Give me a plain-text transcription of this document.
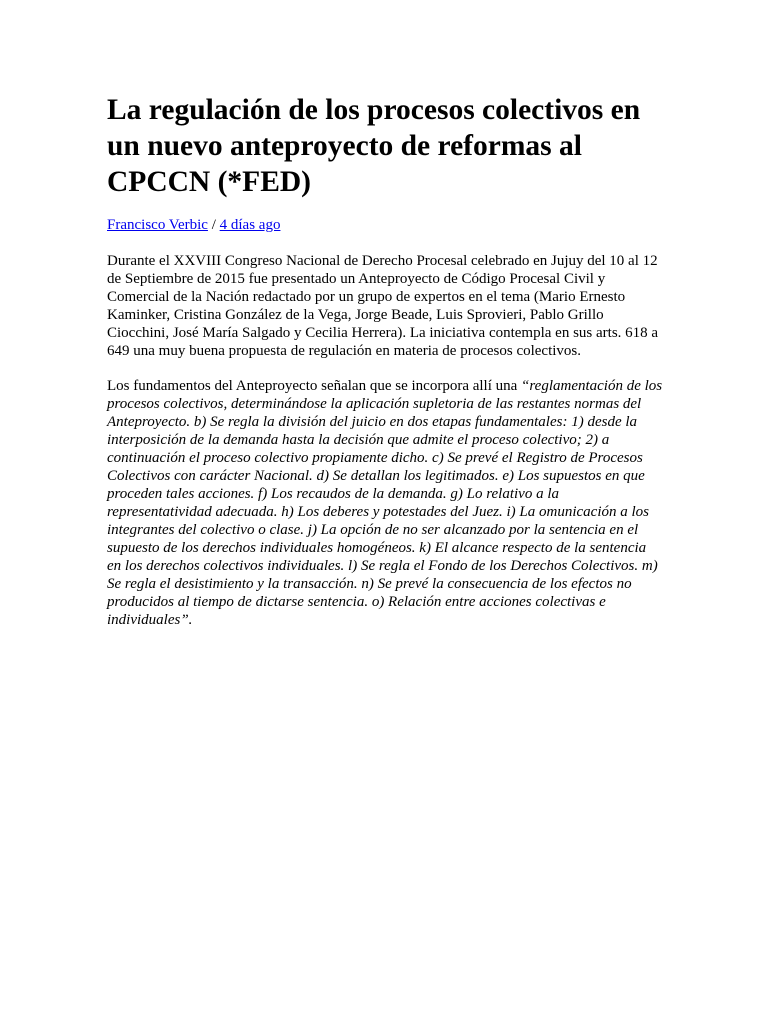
La regulación de los procesos colectivos en un nuevo anteproyecto de reformas al CPCCN (*FED)
Francisco Verbic / 4 días ago

Durante el XXVIII Congreso Nacional de Derecho Procesal celebrado en Jujuy del 10 al 12 de Septiembre de 2015 fue presentado un Anteproyecto de Código Procesal Civil y Comercial de la Nación redactado por un grupo de expertos en el tema (Mario Ernesto Kaminker, Cristina González de la Vega, Jorge Beade, Luis Sprovieri, Pablo Grillo Ciocchini, José María Salgado y Cecilia Herrera). La iniciativa contempla en sus arts. 618 a 649 una muy buena propuesta de regulación en materia de procesos colectivos.

Los fundamentos del Anteproyecto señalan que se incorpora allí una “reglamentación de los procesos colectivos, determinándose la aplicación supletoria de las restantes normas del Anteproyecto. b) Se regla la división del juicio en dos etapas fundamentales: 1) desde la interposición de la demanda hasta la decisión que admite el proceso colectivo; 2) a continuación el proceso colectivo propiamente dicho. c) Se prevé el Registro de Procesos Colectivos con carácter Nacional. d) Se detallan los legitimados. e) Los supuestos en que proceden tales acciones. f) Los recaudos de la demanda. g) Lo relativo a la representatividad adecuada. h) Los deberes y potestades del Juez. i) La omunicación a los integrantes del colectivo o clase. j) La opción de no ser alcanzado por la sentencia en el supuesto de los derechos individuales homogéneos. k) El alcance respecto de la sentencia en los derechos colectivos individuales. l) Se regla el Fondo de los Derechos Colectivos. m) Se regla el desistimiento y la transacción. n) Se prevé la consecuencia de los efectos no producidos al tiempo de dictarse sentencia. o) Relación entre acciones colectivas e individuales”.
